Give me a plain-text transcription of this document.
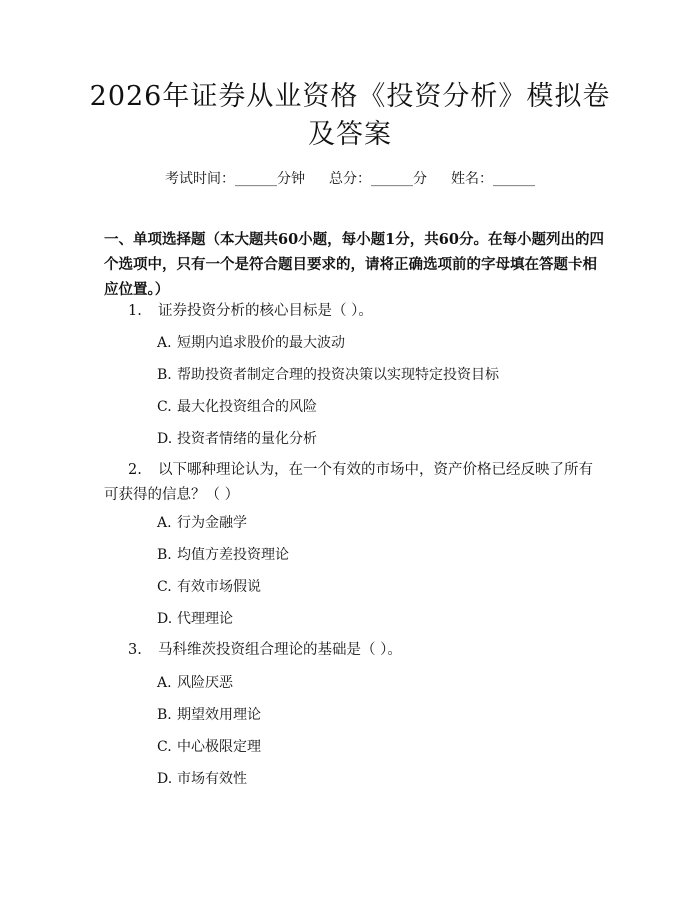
2026年证券从业资格《投资分析》模拟卷及答案
考试时间：______分钟 总分：______分 姓名：______
一、单项选择题（本大题共60小题，每小题1分，共60分。在每小题列出的四个选项中，只有一个是符合题目要求的，请将正确选项前的字母填在答题卡相应位置。）
1. 证券投资分析的核心目标是（ ）。
A. 短期内追求股价的最大波动
B. 帮助投资者制定合理的投资决策以实现特定投资目标
C. 最大化投资组合的风险
D. 投资者情绪的量化分析
2. 以下哪种理论认为，在一个有效的市场中，资产价格已经反映了所有可获得的信息？（ ）
A. 行为金融学
B. 均值方差投资理论
C. 有效市场假说
D. 代理理论
3. 马科维茨投资组合理论的基础是（ ）。
A. 风险厌恶
B. 期望效用理论
C. 中心极限定理
D. 市场有效性
